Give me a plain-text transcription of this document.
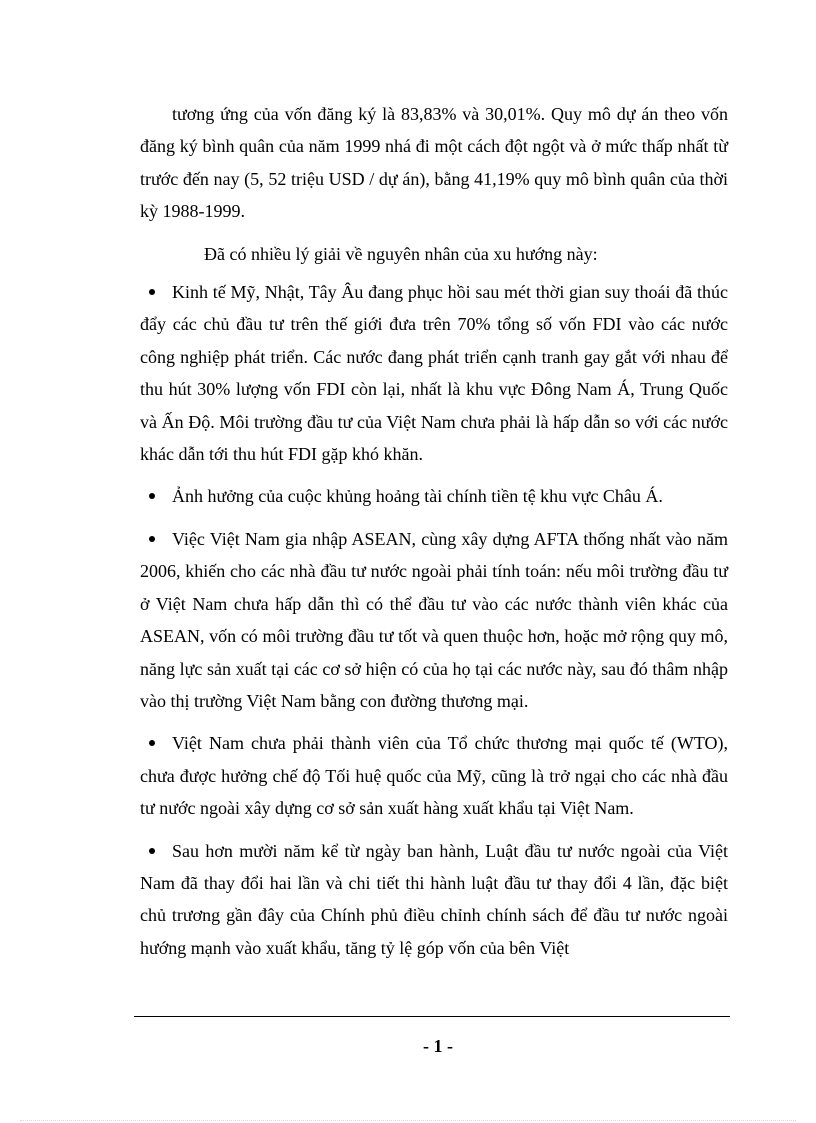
tương ứng của vốn đăng ký là 83,83% và 30,01%. Quy mô dự án theo vốn đăng ký bình quân của năm 1999 nhá đi một cách đột ngột và ở mức thấp nhất từ trước đến nay (5, 52 triệu USD / dự án), bằng 41,19% quy mô bình quân của thời kỳ 1988-1999.

Đã có nhiều lý giải về nguyên nhân của xu hướng này:

Kinh tế Mỹ, Nhật, Tây Âu đang phục hồi sau mét thời gian suy thoái đã thúc đẩy các chủ đầu tư trên thế giới đưa trên 70% tổng số vốn FDI vào các nước công nghiệp phát triển. Các nước đang phát triển cạnh tranh gay gắt với nhau để thu hút 30% lượng vốn FDI còn lại, nhất là khu vực Đông Nam Á, Trung Quốc và Ấn Độ. Môi trường đầu tư của Việt Nam chưa phải là hấp dẫn so với các nước khác dẫn tới thu hút FDI gặp khó khăn.
Ảnh hưởng của cuộc khủng hoảng tài chính tiền tệ khu vực Châu Á.
Việc Việt Nam gia nhập ASEAN, cùng xây dựng AFTA thống nhất vào năm 2006, khiến cho các nhà đầu tư nước ngoài phải tính toán: nếu môi trường đầu tư ở Việt Nam chưa hấp dẫn thì có thể đầu tư vào các nước thành viên khác của ASEAN, vốn có môi trường đầu tư tốt và quen thuộc hơn, hoặc mở rộng quy mô, năng lực sản xuất tại các cơ sở hiện có của họ tại các nước này, sau đó thâm nhập vào thị trường Việt Nam bằng con đường thương mại.
Việt Nam chưa phải thành viên của Tổ chức thương mại quốc tế (WTO), chưa được hưởng chế độ Tối huệ quốc của Mỹ, cũng là trở ngại cho các nhà đầu tư nước ngoài xây dựng cơ sở sản xuất hàng xuất khẩu tại Việt Nam.
Sau hơn mười năm kể từ ngày ban hành, Luật đầu tư nước ngoài của Việt Nam đã thay đổi hai lần và chi tiết thi hành luật đầu tư thay đổi 4 lần, đặc biệt chủ trương gần đây của Chính phủ điều chỉnh chính sách để đầu tư nước ngoài hướng mạnh vào xuất khẩu, tăng tỷ lệ góp vốn của bên Việt
- 1 -
